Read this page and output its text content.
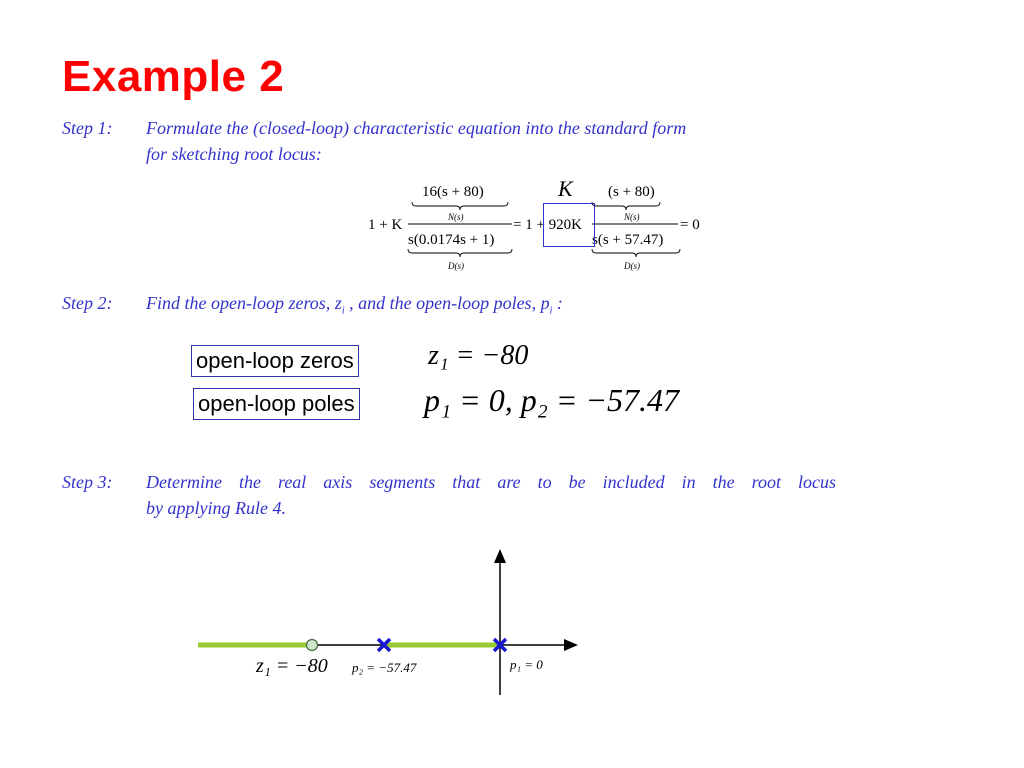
Example 2
Step 1: Formulate the (closed-loop) characteristic equation into the standard form
for sketching root locus:
1 + K
16(s + 80)
N(s)
s(0.0174s + 1)
D(s)
= 1 + 920K
K (s + 80)
N(s)
s(s + 57.47)
D(s)
= 0
Step 2: Find the open-loop zeros, $z_i$ , and the open-loop poles, $p_i$ :
open-loop zeros	z₁ = −80
open-loop poles p₁ = 0, p₂ = −57.47
Step 3: Determine the real axis segments that are to be included in the root locus
by applying Rule 4.
z₁ = −80 p₂ = −57.47	p₁ = 0
